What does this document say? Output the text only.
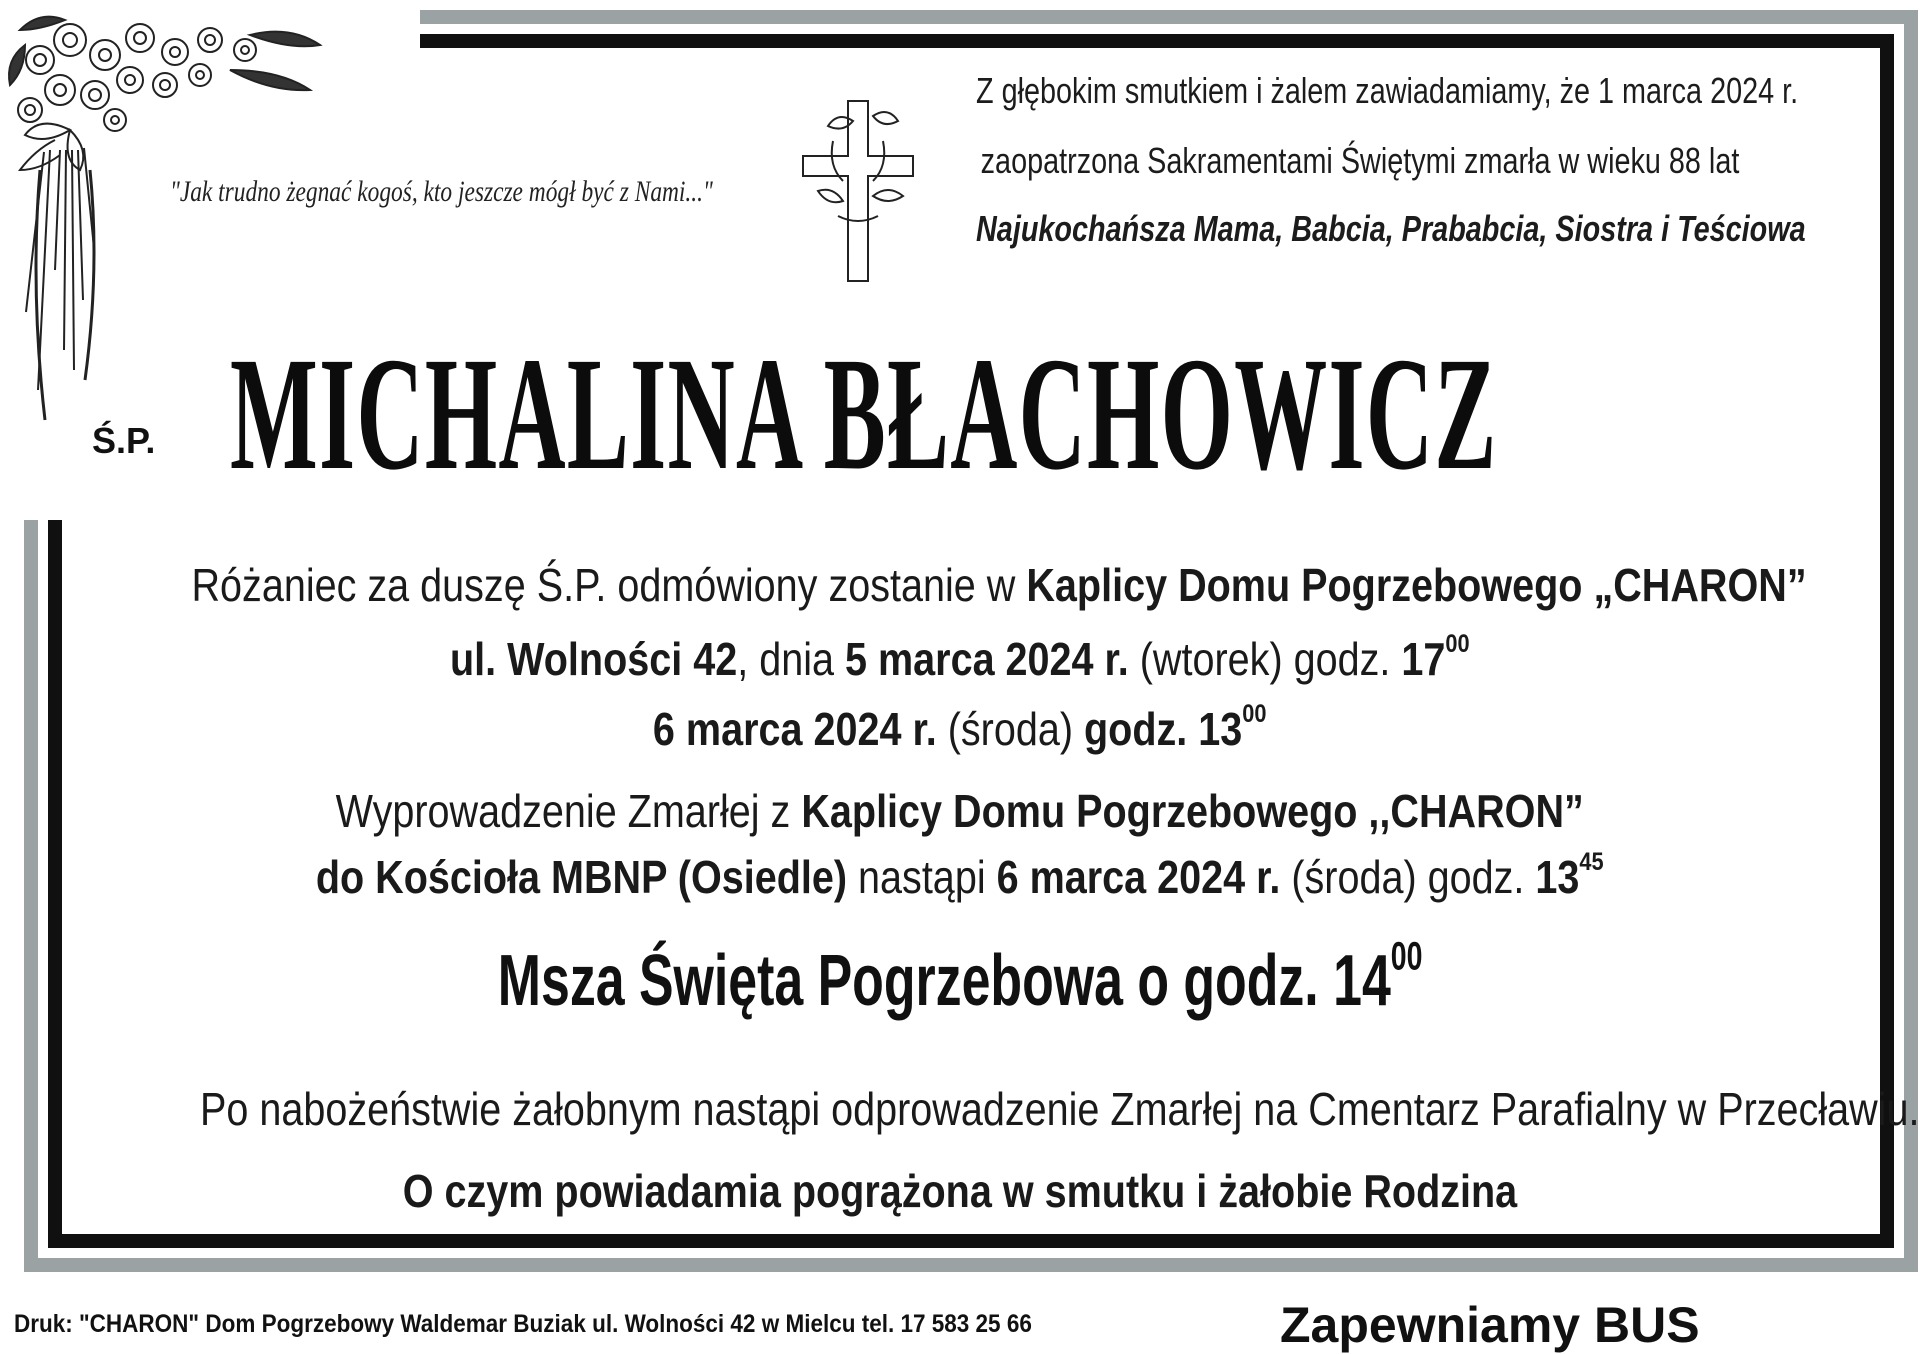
"Jak trudno żegnać kogoś, kto jeszcze mógł być z Nami..."
Z głębokim smutkiem i żalem zawiadamiamy, że 1 marca 2024 r.
zaopatrzona Sakramentami Świętymi zmarła w wieku 88 lat
Najukochańsza Mama, Babcia, Prababcia, Siostra i Teściowa
Ś.P. MICHALINA BŁACHOWICZ
Różaniec za duszę Ś.P. odmówiony zostanie w Kaplicy Domu Pogrzebowego „CHARON”
ul. Wolności 42, dnia 5 marca 2024 r. (wtorek) godz. $17^{00}$
6 marca 2024 r. (środa) godz. $13^{00}$
Wyprowadzenie Zmarłej z Kaplicy Domu Pogrzebowego ,,CHARON”
do Kościoła MBNP (Osiedle) nastąpi 6 marca 2024 r. (środa) godz. $13^{45}$
Msza Święta Pogrzebowa o godz. $14^{00}$
Po nabożeństwie żałobnym nastąpi odprowadzenie Zmarłej na Cmentarz Parafialny w Przecławiu.
O czym powiadamia pogrążona w smutku i żałobie Rodzina
Druk: "CHARON" Dom Pogrzebowy Waldemar Buziak ul. Wolności 42 w Mielcu tel. 17 583 25 66	Zapewniamy BUS
